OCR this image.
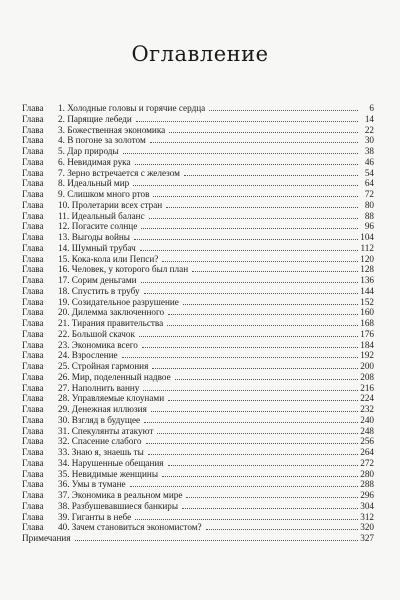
Оглавление
Глава	1. Холодные головы и горячие сердца	6
Глава	2. Парящие лебеди	14
Глава	3. Божественная экономика	22
Глава	4. В погоне за золотом	30
Глава	5. Дар природы	38
Глава	6. Невидимая рука	46
Глава	7. Зерно встречается с железом	54
Глава	8. Идеальный мир	64
Глава	9. Слишком много ртов	72
Глава	10. Пролетарии всех стран	80
Глава	11. Идеальный баланс	88
Глава	12. Погасите солнце	96
Глава	13. Выгоды войны	104
Глава	14. Шумный трубач	112
Глава	15. Кока-кола или Пепси?	120
Глава	16. Человек, у которого был план	128
Глава	17. Сорим деньгами	136
Глава	18. Спустить в трубу	144
Глава	19. Созидательное разрушение	152
Глава	20. Дилемма заключенного	160
Глава	21. Тирания правительства	168
Глава	22. Большой скачок	176
Глава	23. Экономика всего	184
Глава	24. Взросление	192
Глава	25. Стройная гармония	200
Глава	26. Мир, поделенный надвое	208
Глава	27. Наполнить ванну	216
Глава	28. Управляемые клоунами	224
Глава	29. Денежная иллюзия	232
Глава	30. Взгляд в будущее	240
Глава	31. Спекулянты атакуют	248
Глава	32. Спасение слабого	256
Глава	33. Знаю я, знаешь ты	264
Глава	34. Нарушенные обещания	272
Глава	35. Невидимые женщины	280
Глава	36. Умы в тумане	288
Глава	37. Экономика в реальном мире	296
Глава	38. Разбушевавшиеся банкиры	304
Глава	39. Гиганты в небе	312
Глава	40. Зачем становиться экономистом?	320
Примечания	327
